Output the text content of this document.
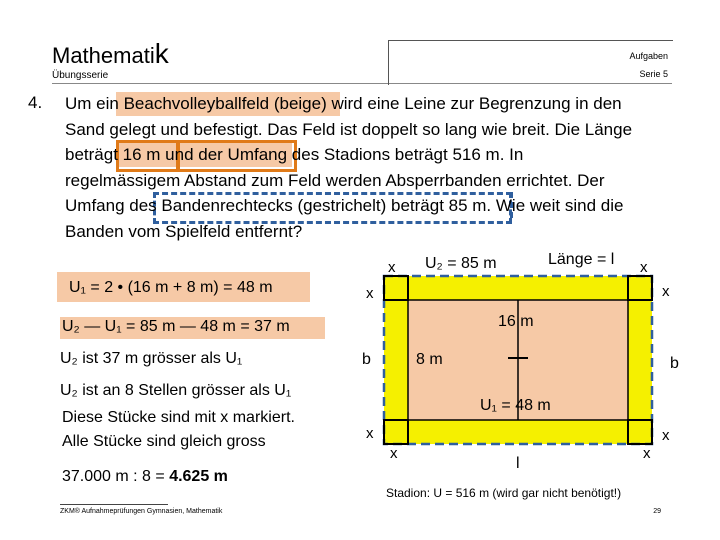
Mathematik
Übungsserie
Aufgaben
Serie 5
4. Um ein Beachvolleyballfeld (beige) wird eine Leine zur Begrenzung in den
Sand gelegt und befestigt. Das Feld ist doppelt so lang wie breit. Die Länge
beträgt 16 m und der Umfang des Stadions beträgt 516 m. In
regelmässigem Abstand zum Feld werden Absperrbanden errichtet. Der
Umfang des Bandenrechtecks (gestrichelt) beträgt 85 m. Wie weit sind die
Banden vom Spielfeld entfernt?
U₁ = 2 • (16 m + 8 m) = 48 m
U₂ — U₁ = 85 m — 48 m = 37 m
U₂ ist 37 m grösser als U₁
U₂ ist an 8 Stellen grösser als U₁
Diese Stücke sind mit x markiert.
Alle Stücke sind gleich gross
37.000 m : 8 = 4.625 m
x U₂ = 85 m	Länge = l x
x	x
16 m
b	8 m	b
U₁ = 48 m
x	x
x
l
x
Stadion: U = 516 m (wird gar nicht benötigt!)
ZKM® Aufnahmeprüfungen Gymnasien, Mathematik	29
